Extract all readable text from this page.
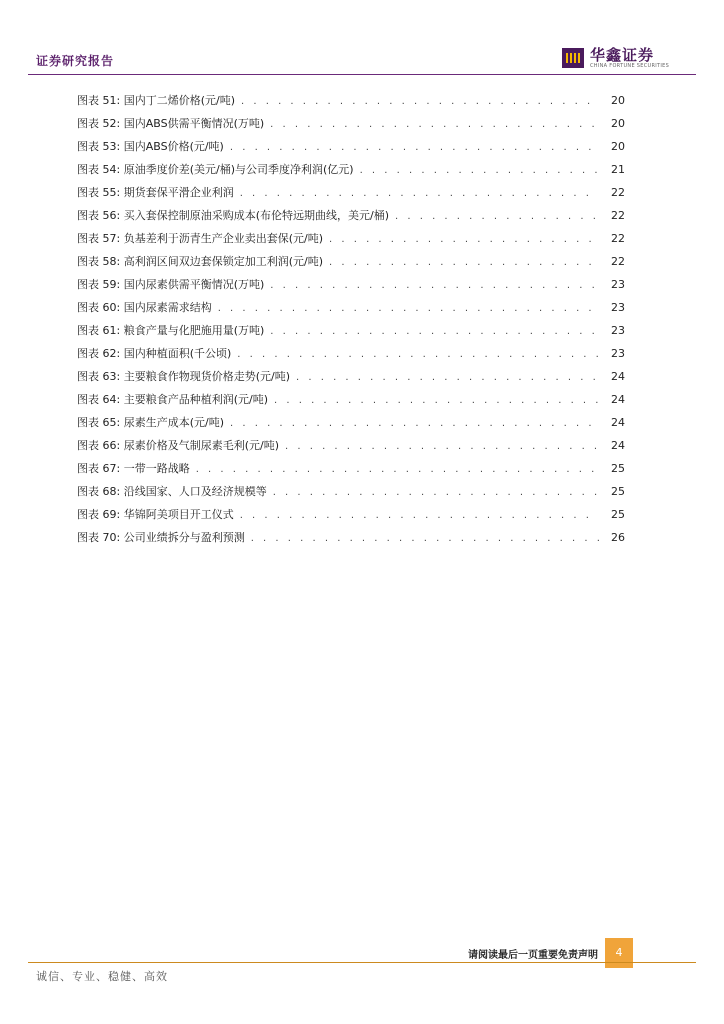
证券研究报告	华鑫证券
CHINA FORTUNE SECURITIES
图表 51:
国内丁二烯价格(元/吨) . . .	20
图表 52:
国内ABS供需平衡情况(万吨) . . .	20
图表 53:
国内ABS价格(元/吨) . . .	20
图表 54:
原油季度价差(美元/桶)与公司季度净利润(亿元) . . .	21
图表 55:
期货套保平滑企业利润 . . .	22
图表 56:
买入套保控制原油采购成本(布伦特远期曲线，美元/桶) . . .	22
图表 57:
负基差利于沥青生产企业卖出套保(元/吨) . . .	22
图表 58:
高利润区间双边套保锁定加工利润(元/吨) . . .	22
图表 59:
国内尿素供需平衡情况(万吨) . . .	23
图表 60:
国内尿素需求结构 . . .	23
图表 61:
粮食产量与化肥施用量(万吨) . . .	23
图表 62:
国内种植面积(千公顷) . . .	23
图表 63:
主要粮食作物现货价格走势(元/吨) . . .	24
图表 64:
主要粮食产品种植利润(元/吨) . . .	24
图表 65:
尿素生产成本(元/吨) . . .	24
图表 66:
尿素价格及气制尿素毛利(元/吨) . . .	24
图表 67:
一带一路战略 . . .	25
图表 68:
沿线国家、人口及经济规模等 . . .	25
图表 69:
华锦阿美项目开工仪式 . . .	25
图表 70:
公司业绩拆分与盈利预测 . . .	26
请阅读最后一页重要免责声明	4
诚信、专业、稳健、高效
